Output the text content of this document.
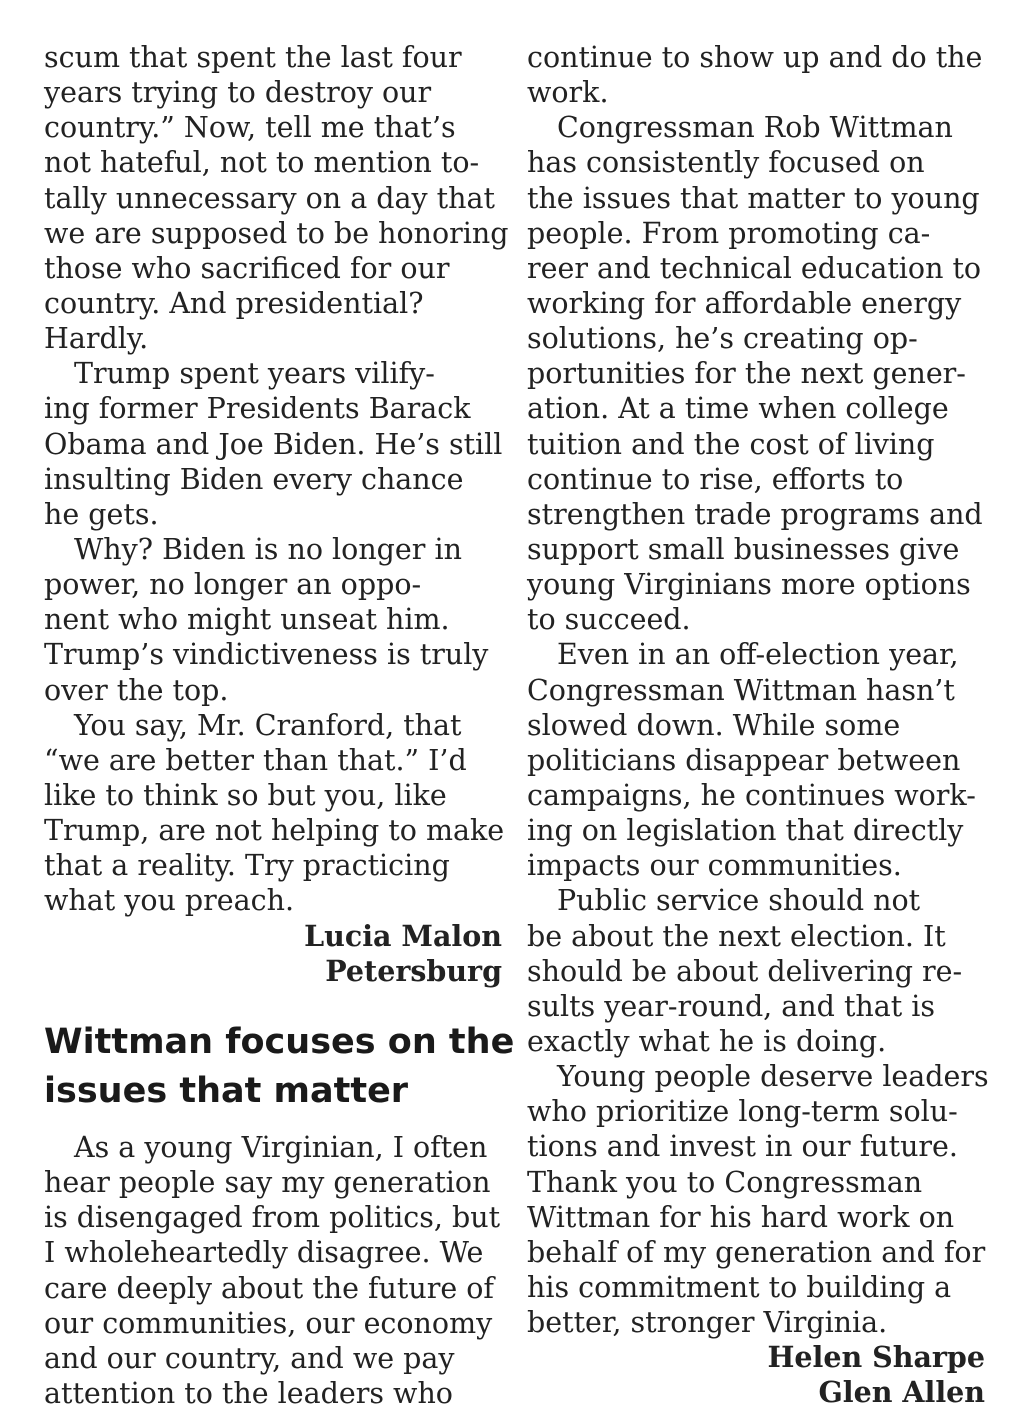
scum that spent the last four
years trying to destroy our
country.” Now, tell me that’s
not hateful, not to mention to-
tally unnecessary on a day that
we are supposed to be honoring
those who sacrificed for our
country. And presidential?
Hardly.
Trump spent years vilify-
ing former Presidents Barack
Obama and Joe Biden. He’s still
insulting Biden every chance
he gets.
Why? Biden is no longer in
power, no longer an oppo-
nent who might unseat him.
Trump’s vindictiveness is truly
over the top.
You say, Mr. Cranford, that
“we are better than that.” I’d
like to think so but you, like
Trump, are not helping to make
that a reality. Try practicing
what you preach.
Lucia Malon
Petersburg
Wittman focuses on the
issues that matter
As a young Virginian, I often
hear people say my generation
is disengaged from politics, but
I wholeheartedly disagree. We
care deeply about the future of
our communities, our economy
and our country, and we pay
attention to the leaders who
continue to show up and do the
work.
Congressman Rob Wittman
has consistently focused on
the issues that matter to young
people. From promoting ca-
reer and technical education to
working for affordable energy
solutions, he’s creating op-
portunities for the next gener-
ation. At a time when college
tuition and the cost of living
continue to rise, efforts to
strengthen trade programs and
support small businesses give
young Virginians more options
to succeed.
Even in an off-election year,
Congressman Wittman hasn’t
slowed down. While some
politicians disappear between
campaigns, he continues work-
ing on legislation that directly
impacts our communities.
Public service should not
be about the next election. It
should be about delivering re-
sults year-round, and that is
exactly what he is doing.
Young people deserve leaders
who prioritize long-term solu-
tions and invest in our future.
Thank you to Congressman
Wittman for his hard work on
behalf of my generation and for
his commitment to building a
better, stronger Virginia.
Helen Sharpe
Glen Allen
